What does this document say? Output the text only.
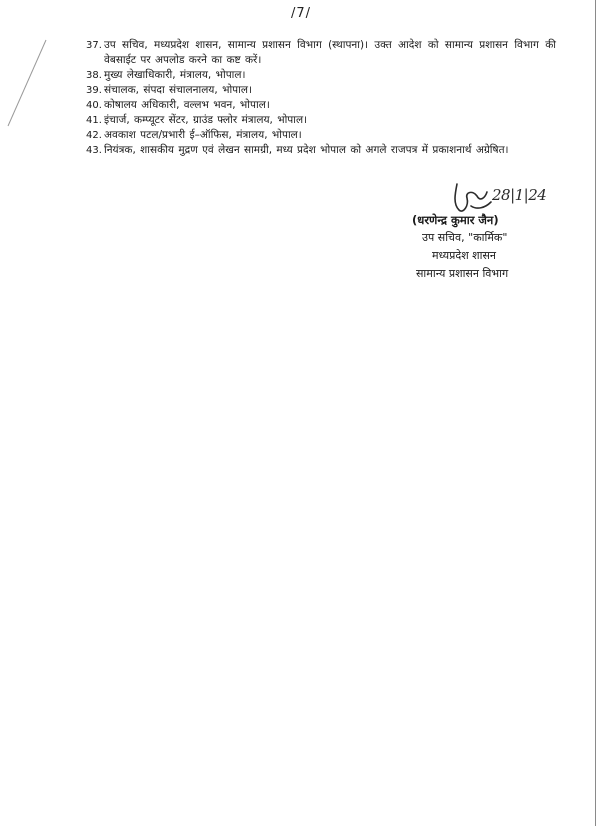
/7/
37. उप सचिव, मध्यप्रदेश शासन, सामान्य प्रशासन विभाग (स्थापना)। उक्त आदेश को सामान्य प्रशासन विभाग की वेबसाईट पर अपलोड करने का कष्ट करें।
38. मुख्य लेखाधिकारी, मंत्रालय, भोपाल।
39. संचालक, संपदा संचालनालय, भोपाल।
40. कोषालय अधिकारी, वल्लभ भवन, भोपाल।
41. इंचार्ज, कम्प्यूटर सेंटर, ग्राउंड फ्लोर मंत्रालय, भोपाल।
42. अवकाश पटल/प्रभारी ई–ऑफिस, मंत्रालय, भोपाल।
43. नियंत्रक, शासकीय मुद्रण एवं लेखन सामग्री, मध्य प्रदेश भोपाल को अगले राजपत्र में प्रकाशनार्थ अग्रेषित।
28|1|24
(धरणेन्द्र कुमार जैन)
उप सचिव, "कार्मिक"
मध्यप्रदेश शासन
सामान्य प्रशासन विभाग
